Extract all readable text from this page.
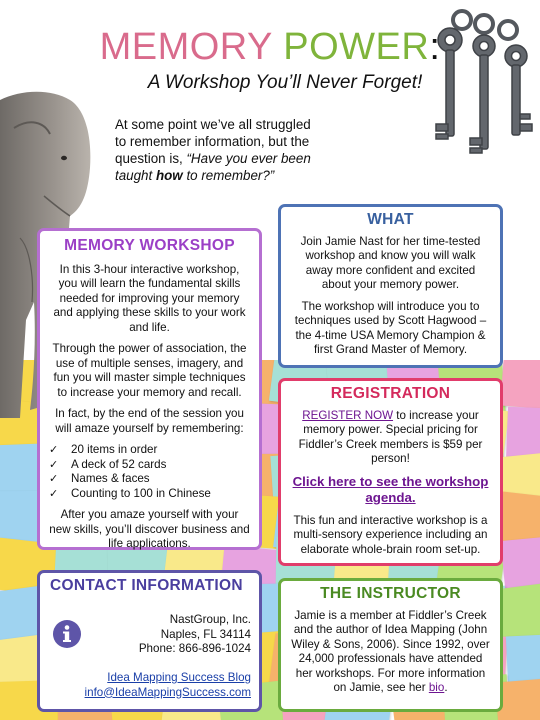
MEMORY POWER:
A Workshop You’ll Never Forget!
At some point we’ve all struggled to remember information, but the question is, “Have you ever been taught how to remember?”
MEMORY WORKSHOP

In this 3-hour interactive workshop, you will learn the fundamental skills needed for improving your memory and applying these skills to your work and life.

Through the power of association, the use of multiple senses, imagery, and fun you will master simple techniques to increase your memory and recall.

In fact, by the end of the session you will amaze yourself by remembering:

✓ 20 items in order
✓ A deck of 52 cards
✓ Names & faces
✓ Counting to 100 in Chinese

After you amaze yourself with your new skills, you’ll discover business and life applications.

WHAT

Join Jamie Nast for her time-tested workshop and know you will walk away more confident and excited about your memory power.

The workshop will introduce you to techniques used by Scott Hagwood – the 4-time USA Memory Champion & first Grand Master of Memory.

REGISTRATION

REGISTER NOW to increase your memory power. Special pricing for Fiddler’s Creek members is $59 per person!

Click here to see the workshop agenda.

This fun and interactive workshop is a multi-sensory experience including an elaborate whole-brain room set-up.

CONTACT INFORMATION
NastGroup, Inc.
Naples, FL 34114
Phone: 866-896-1024
Idea Mapping Success Blog
info@IdeaMappingSuccess.com
THE INSTRUCTOR

Jamie is a member at Fiddler’s Creek and the author of Idea Mapping (John Wiley & Sons, 2006). Since 1992, over 24,000 professionals have attended her workshops. For more information on Jamie, see her bio.
